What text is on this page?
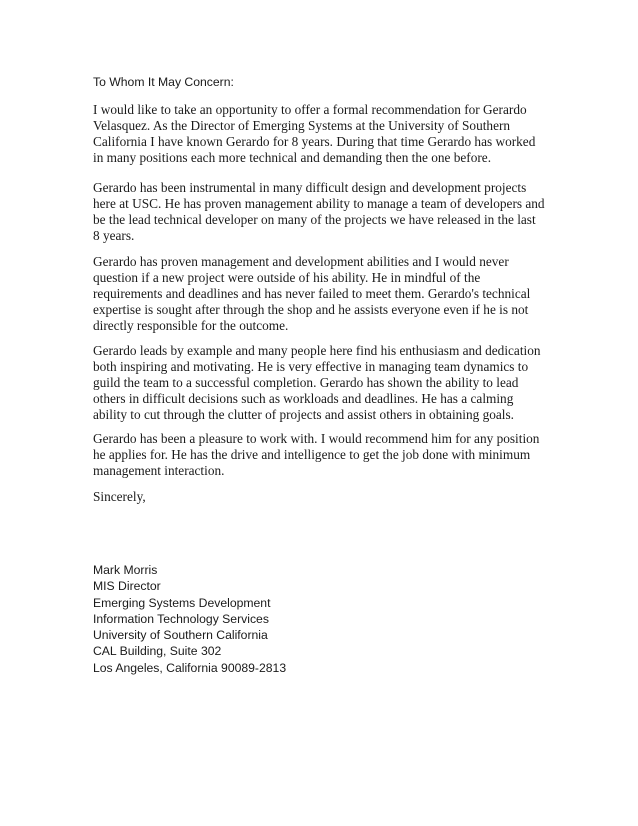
To Whom It May Concern:
I would like to take an opportunity to offer a formal recommendation for Gerardo
Velasquez. As the Director of Emerging Systems at the University of Southern
California I have known Gerardo for 8 years. During that time Gerardo has worked
in many positions each more technical and demanding then the one before.
Gerardo has been instrumental in many difficult design and development projects
here at USC. He has proven management ability to manage a team of developers and
be the lead technical developer on many of the projects we have released in the last
8 years.
Gerardo has proven management and development abilities and I would never
question if a new project were outside of his ability. He in mindful of the
requirements and deadlines and has never failed to meet them. Gerardo's technical
expertise is sought after through the shop and he assists everyone even if he is not
directly responsible for the outcome.
Gerardo leads by example and many people here find his enthusiasm and dedication
both inspiring and motivating. He is very effective in managing team dynamics to
guild the team to a successful completion. Gerardo has shown the ability to lead
others in difficult decisions such as workloads and deadlines. He has a calming
ability to cut through the clutter of projects and assist others in obtaining goals.
Gerardo has been a pleasure to work with. I would recommend him for any position
he applies for. He has the drive and intelligence to get the job done with minimum
management interaction.
Sincerely,
Mark Morris
MIS Director
Emerging Systems Development
Information Technology Services
University of Southern California
CAL Building, Suite 302
Los Angeles, California 90089-2813
